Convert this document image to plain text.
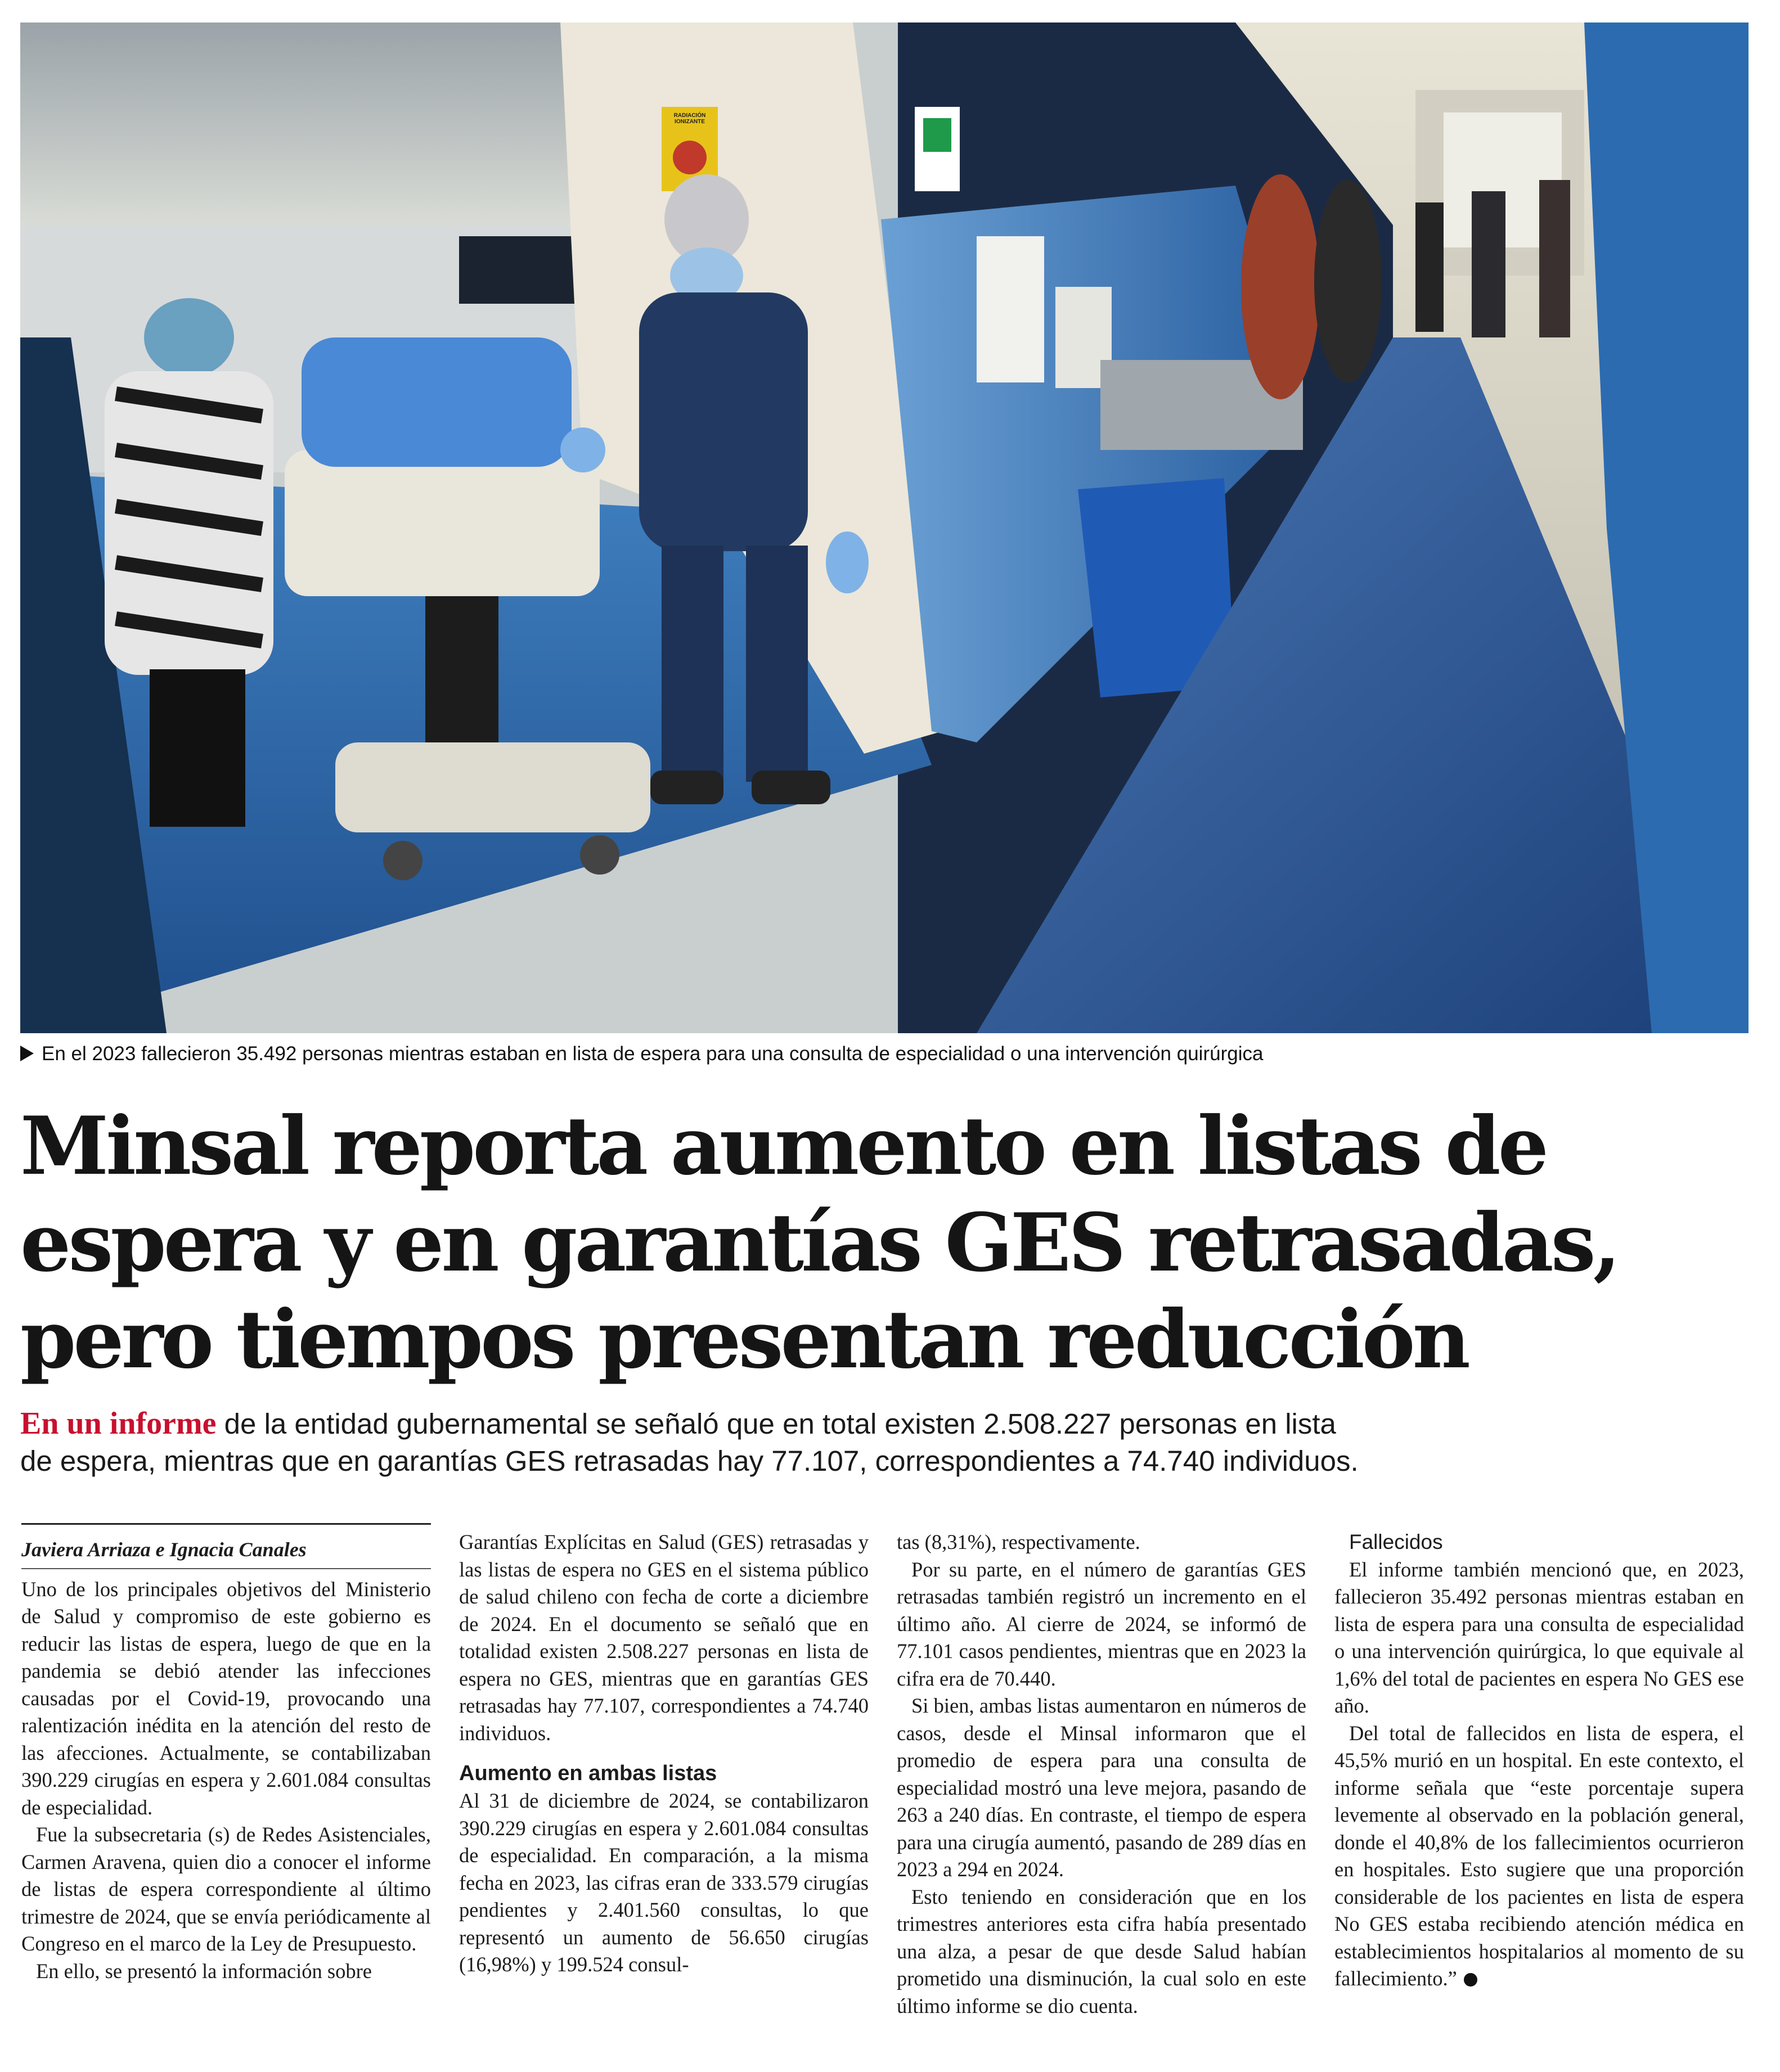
RADIACIÓN IONIZANTE
En el 2023 fallecieron 35.492 personas mientras estaban en lista de espera para una consulta de especialidad o una intervención quirúrgica
Minsal reporta aumento en listas de
espera y en garantías GES retrasadas,
pero tiempos presentan reducción
En un informe de la entidad gubernamental se señaló que en total existen 2.508.227 personas en lista
de espera, mientras que en garantías GES retrasadas hay 77.107, correspondientes a 74.740 individuos.
Javiera Arriaza e Ignacia Canales

Uno de los principales objetivos del Ministerio de Salud y compromiso de este gobierno es reducir las listas de espera, luego de que en la pandemia se debió atender las infecciones causadas por el Covid-19, provocando una ralentización inédita en la atención del resto de las afecciones. Actualmente, se contabilizaban 390.229 cirugías en espera y 2.601.084 consultas de especialidad.

Fue la subsecretaria (s) de Redes Asistenciales, Carmen Aravena, quien dio a conocer el informe de listas de espera correspondiente al último trimestre de 2024, que se envía periódicamente al Congreso en el marco de la Ley de Presupuesto.

En ello, se presentó la información sobre

Garantías Explícitas en Salud (GES) retrasadas y las listas de espera no GES en el sistema público de salud chileno con fecha de corte a diciembre de 2024. En el documento se señaló que en totalidad existen 2.508.227 personas en lista de espera no GES, mientras que en garantías GES retrasadas hay 77.107, correspondientes a 74.740 individuos.

Aumento en ambas listas

Al 31 de diciembre de 2024, se contabilizaron 390.229 cirugías en espera y 2.601.084 consultas de especialidad. En comparación, a la misma fecha en 2023, las cifras eran de 333.579 cirugías pendientes y 2.401.560 consultas, lo que representó un aumento de 56.650 cirugías (16,98%) y 199.524 consul-

tas (8,31%), respectivamente.

Por su parte, en el número de garantías GES retrasadas también registró un incremento en el último año. Al cierre de 2024, se informó de 77.101 casos pendientes, mientras que en 2023 la cifra era de 70.440.

Si bien, ambas listas aumentaron en números de casos, desde el Minsal informaron que el promedio de espera para una consulta de especialidad mostró una leve mejora, pasando de 263 a 240 días. En contraste, el tiempo de espera para una cirugía aumentó, pasando de 289 días en 2023 a 294 en 2024.

Esto teniendo en consideración que en los trimestres anteriores esta cifra había presentado una alza, a pesar de que desde Salud habían prometido una disminución, la cual solo en este último informe se dio cuenta.

Fallecidos

El informe también mencionó que, en 2023, fallecieron 35.492 personas mientras estaban en lista de espera para una consulta de especialidad o una intervención quirúrgica, lo que equivale al 1,6% del total de pacientes en espera No GES ese año.

Del total de fallecidos en lista de espera, el 45,5% murió en un hospital. En este contexto, el informe señala que “este porcentaje supera levemente al observado en la población general, donde el 40,8% de los fallecimientos ocurrieron en hospitales. Esto sugiere que una proporción considerable de los pacientes en lista de espera No GES estaba recibiendo atención médica en establecimientos hospitalarios al momento de su fallecimiento.”
